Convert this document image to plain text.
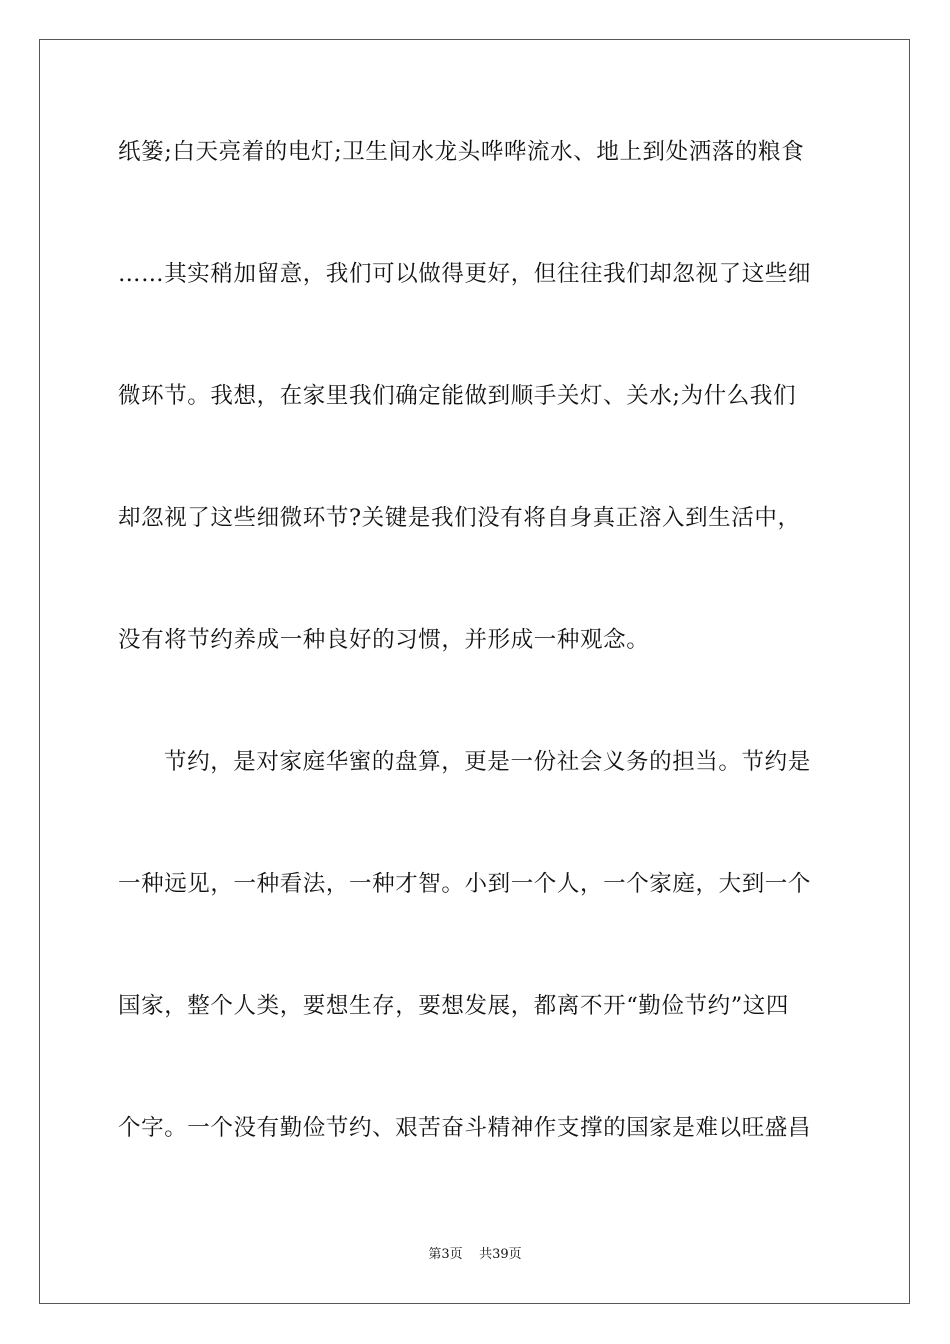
纸篓;白天亮着的电灯;卫生间水龙头哗哗流水、地上到处洒落的粮食
……其实稍加留意，我们可以做得更好，但往往我们却忽视了这些细
微环节。我想，在家里我们确定能做到顺手关灯、关水;为什么我们
却忽视了这些细微环节?关键是我们没有将自身真正溶入到生活中，
没有将节约养成一种良好的习惯，并形成一种观念。
节约，是对家庭华蜜的盘算，更是一份社会义务的担当。节约是
一种远见，一种看法，一种才智。小到一个人，一个家庭，大到一个
国家，整个人类，要想生存，要想发展，都离不开“勤俭节约”这四
个字。一个没有勤俭节约、艰苦奋斗精神作支撑的国家是难以旺盛昌
第3页 共39页
